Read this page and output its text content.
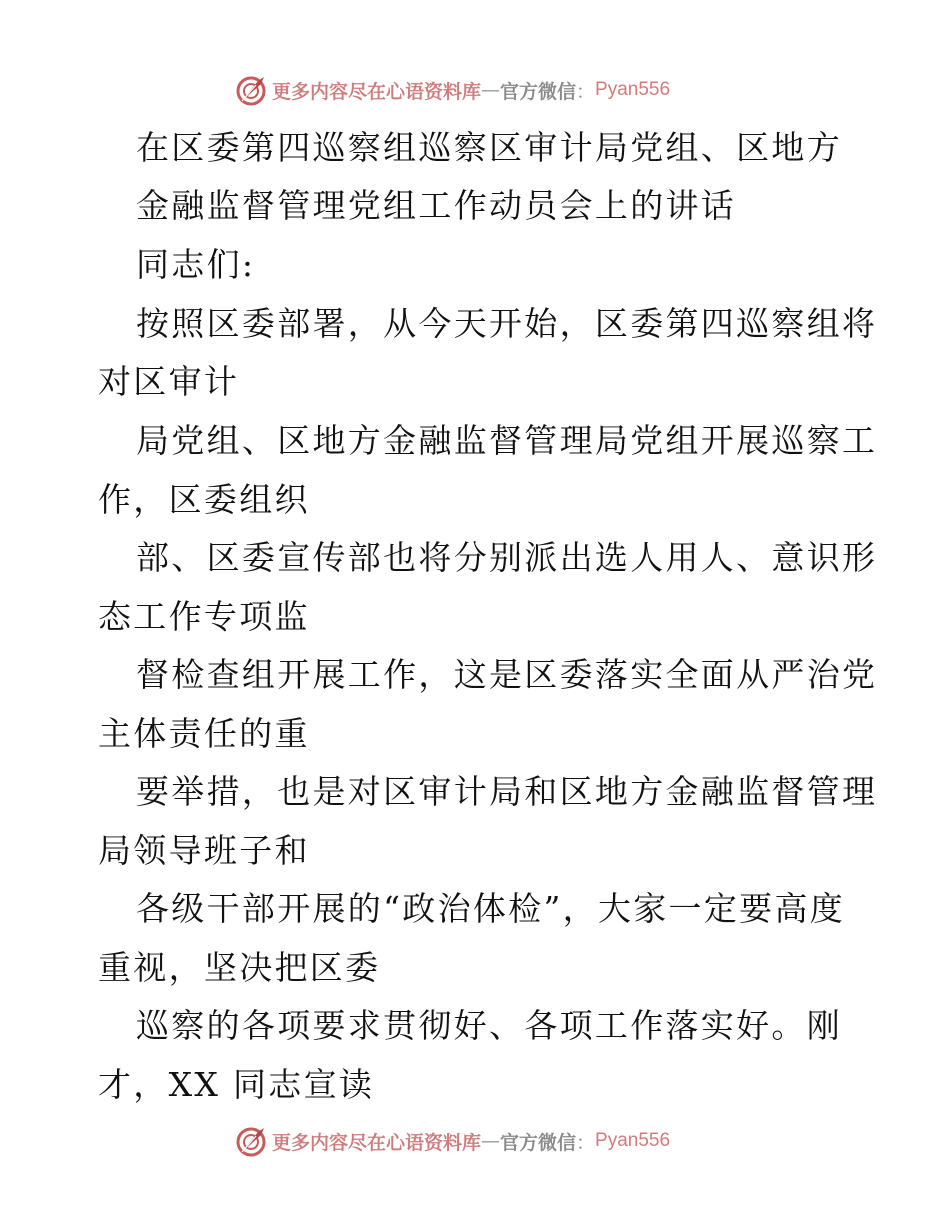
更多内容尽在心语资料库 — 官方微信 ： Pyan556
在区委第四巡察组巡察区审计局党组、区地方
金融监督管理党组工作动员会上的讲话
同志们:
按照区委部署，从今天开始，区委第四巡察组将
对区审计
局党组、区地方金融监督管理局党组开展巡察工
作，区委组织
部、区委宣传部也将分别派出选人用人、意识形
态工作专项监
督检查组开展工作，这是区委落实全面从严治党
主体责任的重
要举措，也是对区审计局和区地方金融监督管理
局领导班子和
各级干部开展的“政治体检”，大家一定要高度
重视，坚决把区委
巡察的各项要求贯彻好、各项工作落实好。刚
才，XX 同志宣读
更多内容尽在心语资料库 — 官方微信 ： Pyan556
